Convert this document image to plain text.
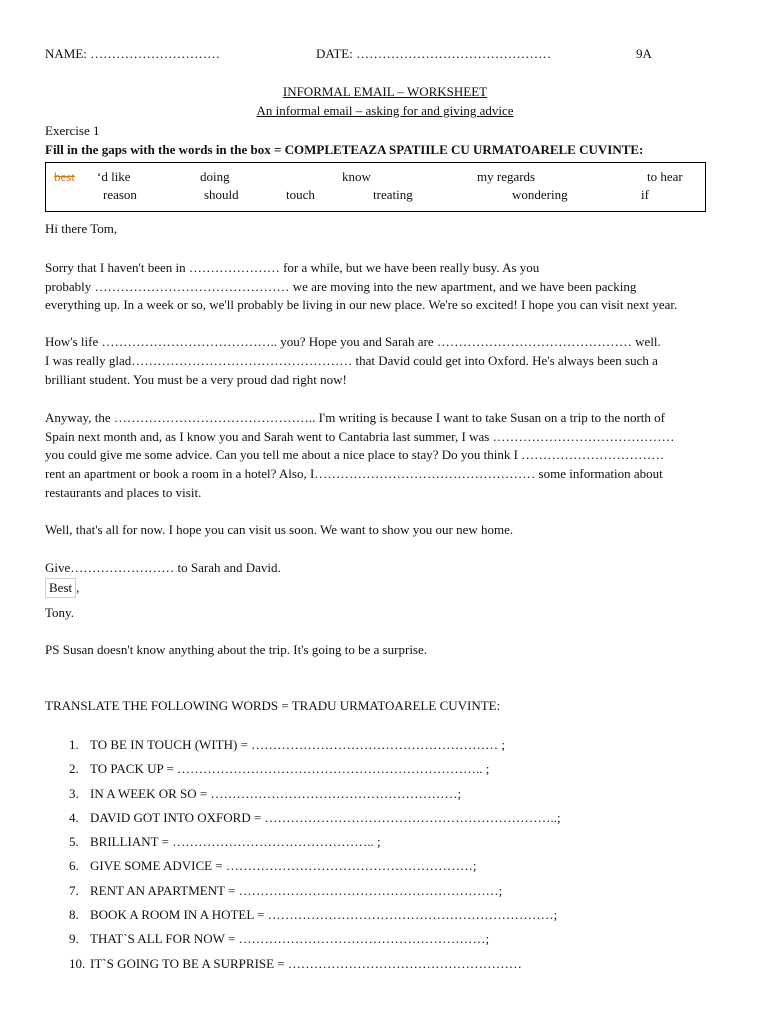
NAME: …………………………	DATE: ………………………………………	9A
INFORMAL EMAIL – WORKSHEET
An informal email – asking for and giving advice
Exercise 1
Fill in the gaps with the words in the box = COMPLETEAZA SPATIILE CU URMATOARELE CUVINTE:
best ‘d like	doing	know	my regards	to hear
reason	should	touch	treating	wondering	if
Hi there Tom,
Sorry that I haven't been in ………………… for a while, but we have been really busy. As you
probably ……………………………………… we are moving into the new apartment, and we have been packing
everything up. In a week or so, we'll probably be living in our new place. We're so excited! I hope you can visit next year.
How's life ………………………………….. you? Hope you and Sarah are ……………………………………… well.
I was really glad…………………………………………… that David could get into Oxford. He's always been such a
brilliant student. You must be a very proud dad right now!
Anyway, the ……………………………………….. I'm writing is because I want to take Susan on a trip to the north of
Spain next month and, as I know you and Sarah went to Cantabria last summer, I was ……………………………………
you could give me some advice. Can you tell me about a nice place to stay? Do you think I ……………………………
rent an apartment or book a room in a hotel? Also, I…………………………………………… some information about
restaurants and places to visit.
Well, that's all for now. I hope you can visit us soon. We want to show you our new home.
Give…………………… to Sarah and David.
Best ,
Tony.
PS Susan doesn't know anything about the trip. It's going to be a surprise.
TRANSLATE THE FOLLOWING WORDS = TRADU URMATOARELE CUVINTE:
1. TO BE IN TOUCH (WITH) = ………………………………………………… ;
2. TO PACK UP = …………………………………………………………….. ;
3. IN A WEEK OR SO = …………………………………………………;
4. DAVID GOT INTO OXFORD = …………………………………………………………..;
5. BRILLIANT = ……………………………………….. ;
6. GIVE SOME ADVICE = …………………………………………………;
7. RENT AN APARTMENT = ……………………………………………………;
8. BOOK A ROOM IN A HOTEL = …………………………………………………………;
9. THAT`S ALL FOR NOW = …………………………………………………;
10. IT`S GOING TO BE A SURPRISE = ………………………………………………
